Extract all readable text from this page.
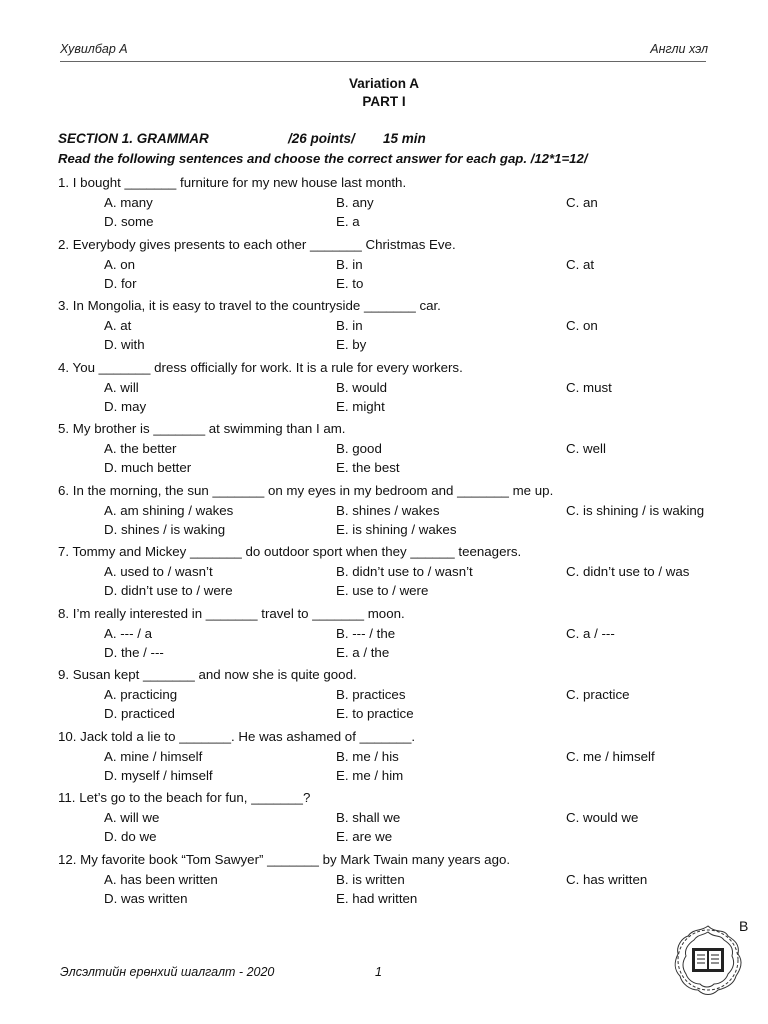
Хувилбар А	Англи хэл
Variation A
PART I
SECTION 1. GRAMMAR	/26 points/ 15 min
Read the following sentences and choose the correct answer for each gap. /12*1=12/
1. I bought _______ furniture for my new house last month.
A. many	B. any	C. an
D. some	E. a
2. Everybody gives presents to each other _______ Christmas Eve.
A. on	B. in	C. at
D. for	E. to
3. In Mongolia, it is easy to travel to the countryside _______ car.
A. at	B. in	C. on
D. with	E. by
4. You _______ dress officially for work. It is a rule for every workers.
A. will	B. would	C. must
D. may	E. might
5. My brother is _______ at swimming than I am.
A. the better	B. good	C. well
D. much better	E. the best
6. In the morning, the sun _______ on my eyes in my bedroom and _______ me up.
A. am shining / wakes	B. shines / wakes	C. is shining / is waking
D. shines / is waking	E. is shining / wakes
7. Tommy and Mickey _______ do outdoor sport when they ______ teenagers.
A. used to / wasn’t	B. didn’t use to / wasn’t	C. didn’t use to / was
D. didn’t use to / were	E. use to / were
8. I’m really interested in _______ travel to _______ moon.
A. --- / a	B. --- / the	C. a / ---
D. the / ---	E. a / the
9. Susan kept _______ and now she is quite good.
A. practicing	B. practices	C. practice
D. practiced	E. to practice
10. Jack told a lie to _______. He was ashamed of _______.
A. mine / himself	B. me / his	C. me / himself
D. myself / himself	E. me / him
11. Let’s go to the beach for fun, _______?
A. will we	B. shall we	C. would we
D. do we	E. are we
12. My favorite book “Tom Sawyer” _______ by Mark Twain many years ago.
A. has been written	B. is written	C. has written
D. was written	E. had written
B
Элсэлтийн ерөнхий шалгалт - 2020	1
